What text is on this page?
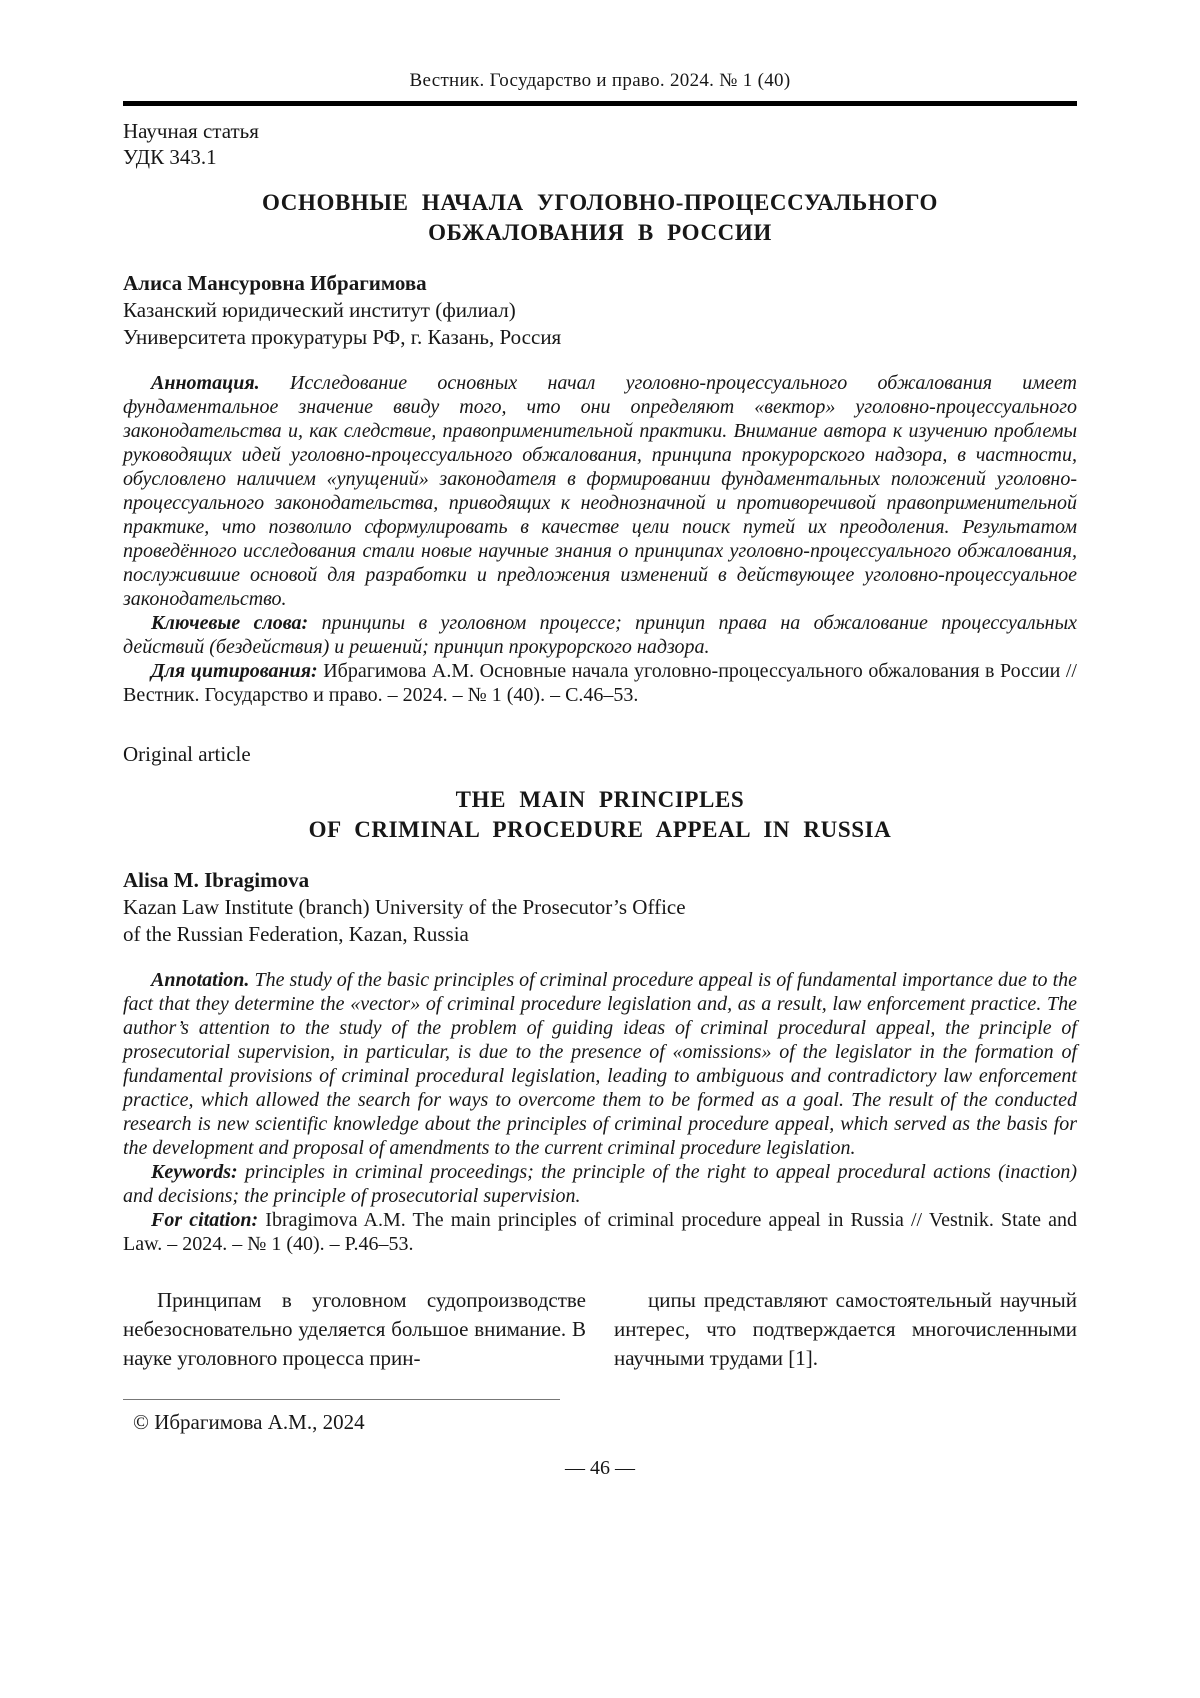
Вестник. Государство и право. 2024. № 1 (40)
Научная статья
УДК 343.1
ОСНОВНЫЕ НАЧАЛА УГОЛОВНО-ПРОЦЕССУАЛЬНОГО
ОБЖАЛОВАНИЯ В РОССИИ
Алиса Мансуровна Ибрагимова
Казанский юридический институт (филиал)
Университета прокуратуры РФ, г. Казань, Россия

Аннотация. Исследование основных начал уголовно-процессуального обжалования имеет фундаментальное значение ввиду того, что они определяют «вектор» уголовно-процессуального законодательства и, как следствие, правоприменительной практики. Внимание автора к изучению проблемы руководящих идей уголовно-процессуального обжалования, принципа прокурорского надзора, в частности, обусловлено наличием «упущений» законодателя в формировании фундаментальных положений уголовно-процессуального законодательства, приводящих к неоднозначной и противоречивой правоприменительной практике, что позволило сформулировать в качестве цели поиск путей их преодоления. Результатом проведённого исследования стали новые научные знания о принципах уголовно-процессуального обжалования, послужившие основой для разработки и предложения изменений в действующее уголовно-процессуальное законодательство.

Ключевые слова: принципы в уголовном процессе; принцип права на обжалование процессуальных действий (бездействия) и решений; принцип прокурорского надзора.

Для цитирования: Ибрагимова А.М. Основные начала уголовно-процессуального обжалования в России // Вестник. Государство и право. – 2024. – № 1 (40). – С.46–53.

Original article
THE MAIN PRINCIPLES
OF CRIMINAL PROCEDURE APPEAL IN RUSSIA
Alisa M. Ibragimova
Kazan Law Institute (branch) University of the Prosecutor’s Office
of the Russian Federation, Kazan, Russia

Annotation. The study of the basic principles of criminal procedure appeal is of fundamental importance due to the fact that they determine the «vector» of criminal procedure legislation and, as a result, law enforcement practice. The author’s attention to the study of the problem of guiding ideas of criminal procedural appeal, the principle of prosecutorial supervision, in particular, is due to the presence of «omissions» of the legislator in the formation of fundamental provisions of criminal procedural legislation, leading to ambiguous and contradictory law enforcement practice, which allowed the search for ways to overcome them to be formed as a goal. The result of the conducted research is new scientific knowledge about the principles of criminal procedure appeal, which served as the basis for the development and proposal of amendments to the current criminal procedure legislation.

Keywords: principles in criminal proceedings; the principle of the right to appeal procedural actions (inaction) and decisions; the principle of prosecutorial supervision.

For citation: Ibragimova A.M. The main principles of criminal procedure appeal in Russia // Vestnik. State and Law. – 2024. – № 1 (40). – P.46–53.

Принципам в уголовном судопроизводстве небезосновательно уделяется большое внимание. В науке уголовного процесса прин-
ципы представляют самостоятельный научный интерес, что подтверждается многочисленными научными трудами [1].
© Ибрагимова А.М., 2024
— 46 —
